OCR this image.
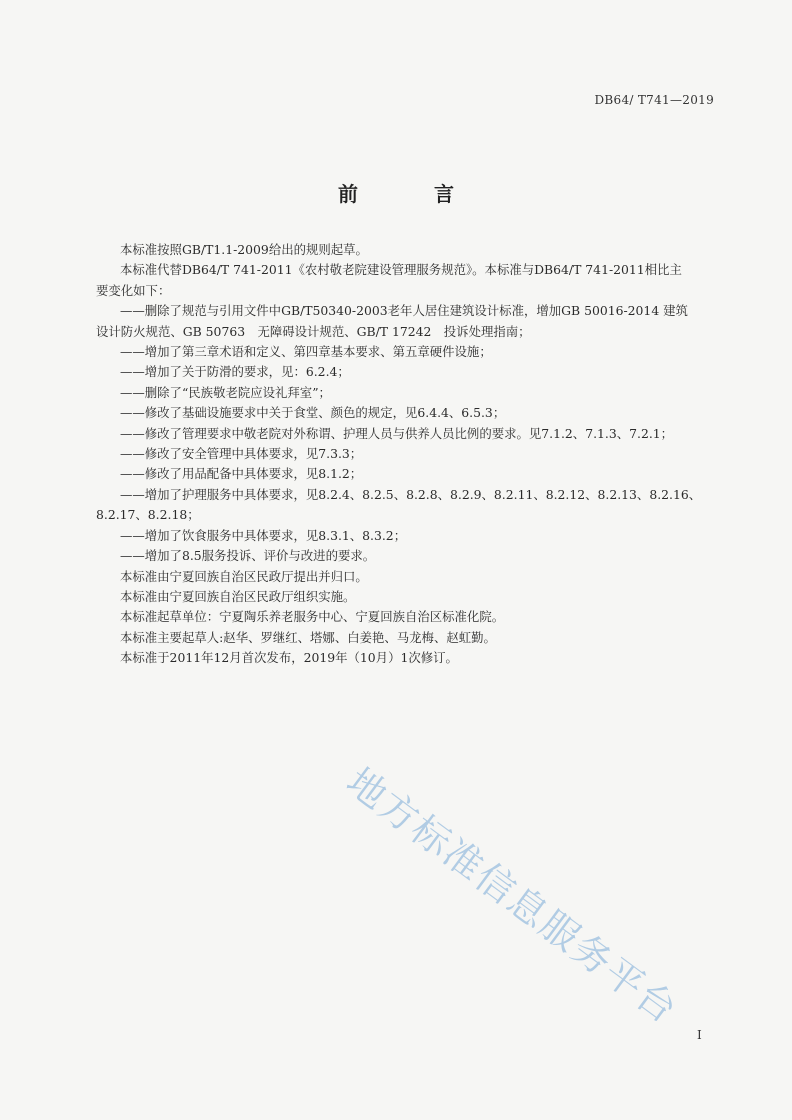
DB64/ T741—2019
前　言
本标准按照GB/T1.1-2009给出的规则起草。
本标准代替DB64/T 741-2011《农村敬老院建设管理服务规范》。本标准与DB64/T 741-2011相比主
要变化如下：
——删除了规范与引用文件中GB/T50340-2003老年人居住建筑设计标准，增加GB 50016-2014 建筑
设计防火规范、GB 50763　无障碍设计规范、GB/T 17242　投诉处理指南；
——增加了第三章术语和定义、第四章基本要求、第五章硬件设施；
——增加了关于防滑的要求，见：6.2.4；
——删除了“民族敬老院应设礼拜室”；
——修改了基础设施要求中关于食堂、颜色的规定，见6.4.4、6.5.3；
——修改了管理要求中敬老院对外称谓、护理人员与供养人员比例的要求。见7.1.2、7.1.3、7.2.1；
——修改了安全管理中具体要求，见7.3.3；
——修改了用品配备中具体要求，见8.1.2；
——增加了护理服务中具体要求，见8.2.4、8.2.5、8.2.8、8.2.9、8.2.11、8.2.12、8.2.13、8.2.16、
8.2.17、8.2.18；
——增加了饮食服务中具体要求，见8.3.1、8.3.2；
——增加了8.5服务投诉、评价与改进的要求。
本标准由宁夏回族自治区民政厅提出并归口。
本标准由宁夏回族自治区民政厅组织实施。
本标准起草单位：宁夏陶乐养老服务中心、宁夏回族自治区标准化院。
本标准主要起草人:赵华、罗继红、塔娜、白姜艳、马龙梅、赵虹勤。
本标准于2011年12月首次发布，2019年（10月）1次修订。
地方标准信息服务平台
I
